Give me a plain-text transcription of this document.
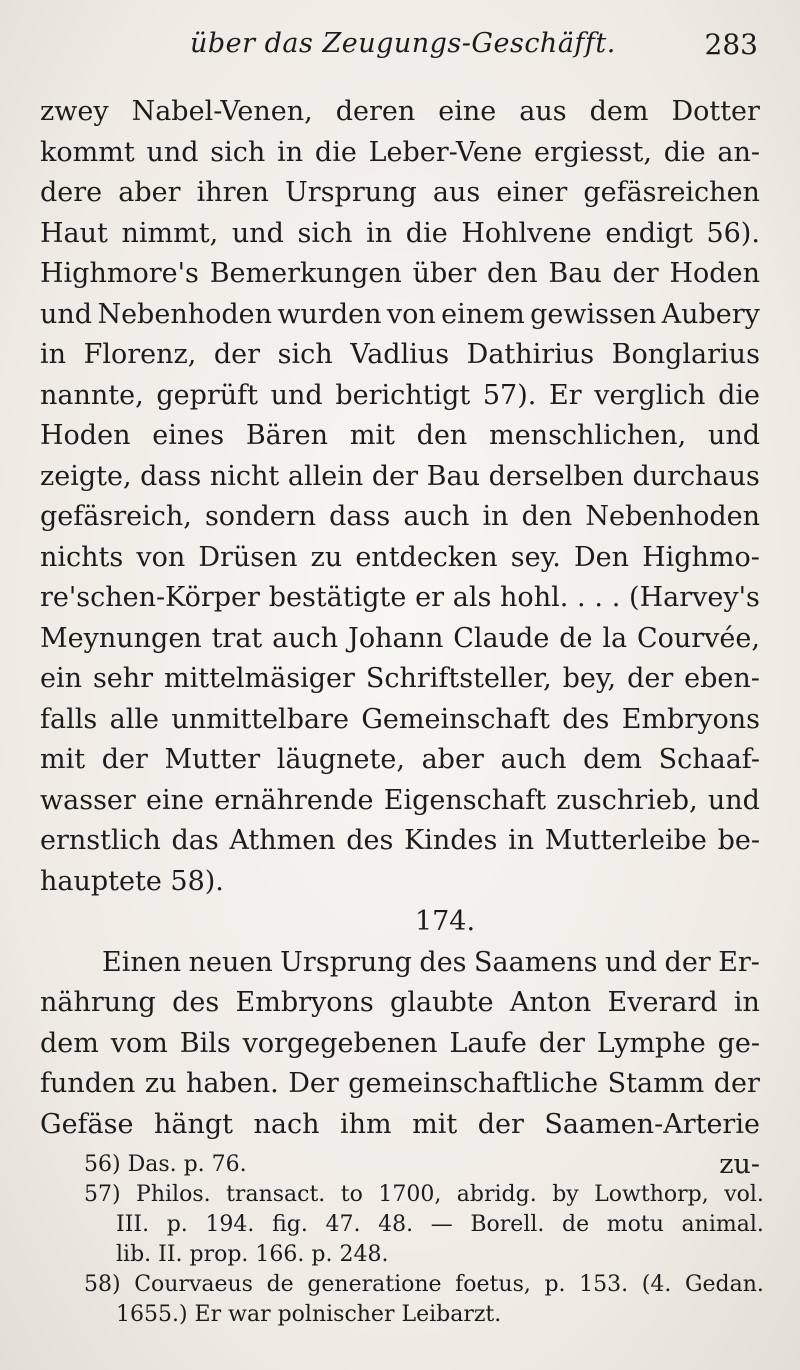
über das Zeugungs-Geschäfft.	283
zwey Nabel-Venen, deren eine aus dem Dotter
kommt und sich in die Leber-Vene ergiesst, die an-
dere aber ihren Ursprung aus einer gefäsreichen
Haut nimmt, und sich in die Hohlvene endigt 56).
Highmore's Bemerkungen über den Bau der Hoden
und Nebenhoden wurden von einem gewissen Aubery
in Florenz, der sich Vadlius Dathirius Bonglarius
nannte, geprüft und berichtigt 57). Er verglich die
Hoden eines Bären mit den menschlichen, und
zeigte, dass nicht allein der Bau derselben durchaus
gefäsreich, sondern dass auch in den Nebenhoden
nichts von Drüsen zu entdecken sey. Den Highmo-
re'schen-Körper bestätigte er als hohl. . . . (Harvey's
Meynungen trat auch Johann Claude de la Courvée,
ein sehr mittelmäsiger Schriftsteller, bey, der eben-
falls alle unmittelbare Gemeinschaft des Embryons
mit der Mutter läugnete, aber auch dem Schaaf-
wasser eine ernährende Eigenschaft zuschrieb, und
ernstlich das Athmen des Kindes in Mutterleibe be-
hauptete 58).
174.
Einen neuen Ursprung des Saamens und der Er-
nährung des Embryons glaubte Anton Everard in
dem vom Bils vorgegebenen Laufe der Lymphe ge-
funden zu haben. Der gemeinschaftliche Stamm der
Gefäse hängt nach ihm mit der Saamen-Arterie
zu-
56) Das. p. 76.
57) Philos. transact. to 1700, abridg. by Lowthorp, vol.
III. p. 194. fig. 47. 48. — Borell. de motu animal.
lib. II. prop. 166. p. 248.
58) Courvaeus de generatione foetus, p. 153. (4. Gedan.
1655.) Er war polnischer Leibarzt.
